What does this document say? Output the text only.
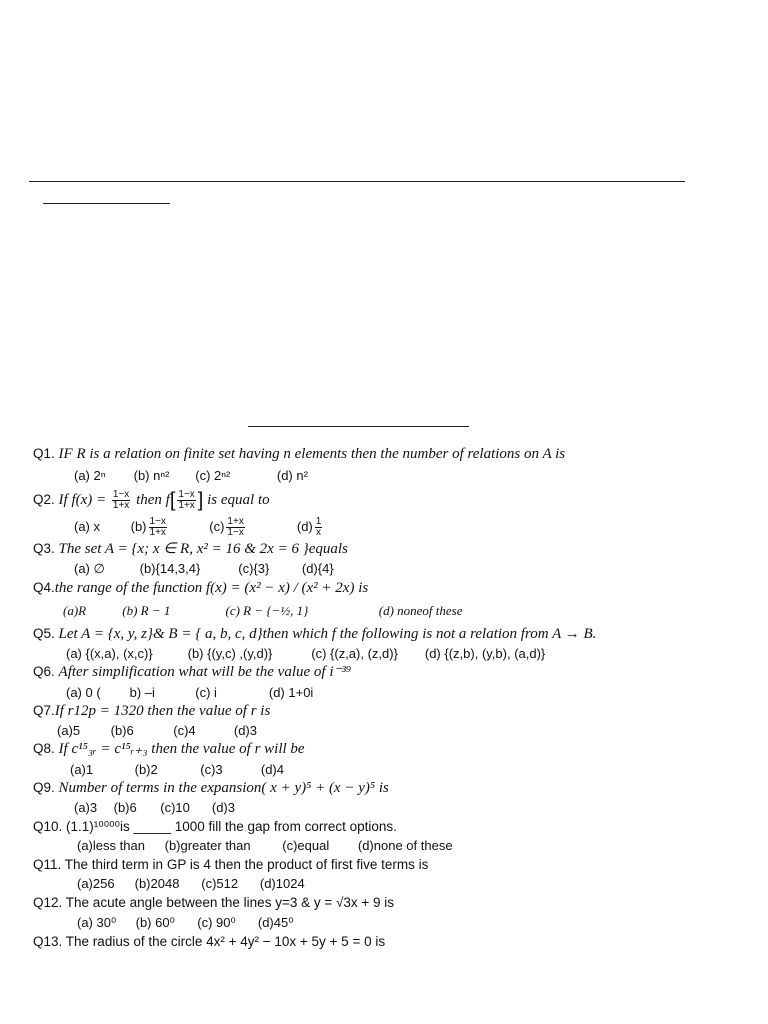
Q1. IF R is a relation on finite set having n elements then the number of relations on A is
(a) 2ⁿ (b) nⁿ² (c) 2ⁿ²	(d) n²
Q2. If $f(x) = \frac{1-x}{1+x}$ then $f[ \frac{1-x}{1+x}$ ] is equal to
(a) x $(b) \frac{1-x}{1+x}$	$(c) \frac{1+x}{1-x}$	$(d) \frac{1}{x}$
Q3. The set A = {x; x ∈ R, x² = 16 & 2x = 6 }equals
(a) ∅	(b){14,3,4}	(c){3}	(d){4}
Q4.the range of the function f(x) = (x² − x) / (x² + 2x) is
(a)R	(b) R − 1	(c) R − {−½, 1}	(d) noneof these
Q5. Let A = {x, y, z}& B = { a, b, c, d}then which f the following is not a relation from A → B.
(a) {(x,a), (x,c)}	(b) {(y,c) ,(y,d)}	(c) {(z,a), (z,d)} (d) {(z,b), (y,b), (a,d)}
Q6. After simplification what will be the value of i⁻³⁹
(a) 0 ( b) –i	(c) i	(d) 1+0i
Q7.If r12p = 1320 then the value of r is
(a)5 (b)6	(c)4	(d)3
Q8. If c¹⁵₃ᵣ = c¹⁵ᵣ₊₃ then the value of r will be
(a)1	(b)2	(c)3	(d)4
Q9. Number of terms in the expansion( x + y)⁵ + (x − y)⁵ is
(a)3 (b)6 (c)10 (d)3
Q10. (1.1)¹⁰⁰⁰⁰is _____ 1000 fill the gap from correct options.
(a)less than (b)greater than (c)equal (d)none of these
Q11. The third term in GP is 4 then the product of first five terms is
(a)256 (b)2048 (c)512 (d)1024
Q12. The acute angle between the lines y=3 & y = √3x + 9 is
(a) 30⁰ (b) 60⁰ (c) 90⁰ (d)45⁰
Q13. The radius of the circle 4x² + 4y² − 10x + 5y + 5 = 0 is
